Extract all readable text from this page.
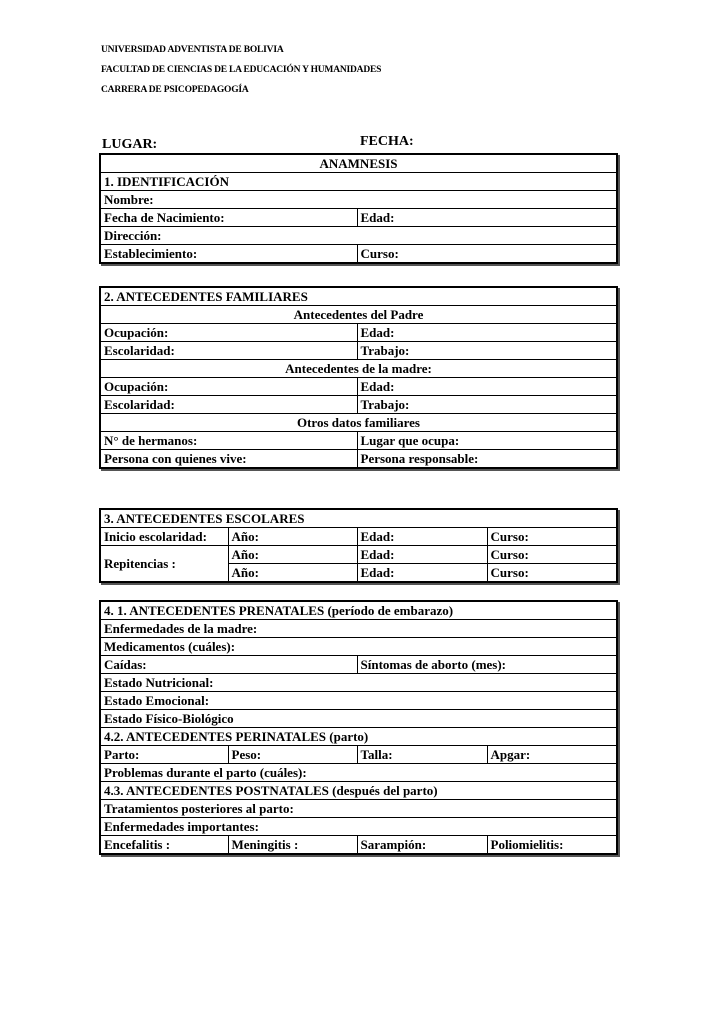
UNIVERSIDAD ADVENTISTA DE BOLIVIA
FACULTAD DE CIENCIAS DE LA EDUCACIÓN Y HUMANIDADES
CARRERA DE PSICOPEDAGOGÍA
LUGAR:	FECHA:
ANAMNESIS	
1. IDENTIFICACIÓN	
Nombre:	
Fecha de Nacimiento:	Edad:
Dirección:	
Establecimiento:	Curso:
2. ANTECEDENTES FAMILIARES	
Antecedentes del Padre	
Ocupación:	Edad:
Escolaridad:	Trabajo:
Antecedentes de la madre:	
Ocupación:	Edad:
Escolaridad:	Trabajo:
Otros datos familiares	
N° de hermanos:	Lugar que ocupa:
Persona con quienes vive:	Persona responsable:
3. ANTECEDENTES ESCOLARES			
Inicio escolaridad:	Año:	Edad:	Curso:
Repitencias :	Año:	Edad:	Curso:
	Año:	Edad:	Curso:
4. 1. ANTECEDENTES PRENATALES (período de embarazo)			
Enfermedades de la madre:			
Medicamentos (cuáles):			
Caídas:		Síntomas de aborto (mes):	
Estado Nutricional:			
Estado Emocional:			
Estado Físico-Biológico			
4.2. ANTECEDENTES PERINATALES (parto)			
Parto:	Peso:	Talla:	Apgar:
Problemas durante el parto (cuáles):			
4.3. ANTECEDENTES POSTNATALES (después del parto)			
Tratamientos posteriores al parto:			
Enfermedades importantes:			
Encefalitis :	Meningitis :	Sarampión:	Poliomielitis:
